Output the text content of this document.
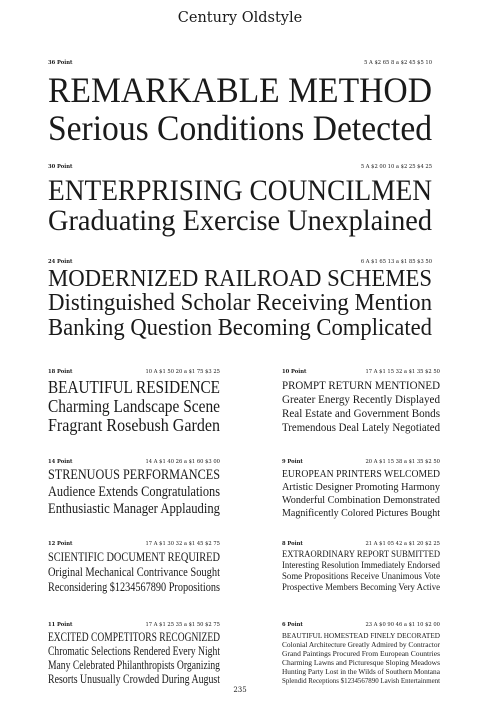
Century Oldstyle
36 Point	5 A $2 65 8 a $2 45 $5 10
REMARKABLE METHOD
Serious Conditions Detected
30 Point	5 A $2 00 10 a $2 25 $4 25
ENTERPRISING COUNCILMEN
Graduating Exercise Unexplained
24 Point	6 A $1 65 13 a $1 85 $3 50
MODERNIZED RAILROAD SCHEMES
Distinguished Scholar Receiving Mention
Banking Question Becoming Complicated
18 Point	10 A $1 50 20 a $1 75 $3 25
BEAUTIFUL RESIDENCE
Charming Landscape Scene
Fragrant Rosebush Garden
10 Point	17 A $1 15 32 a $1 35 $2 50
PROMPT RETURN MENTIONED
Greater Energy Recently Displayed
Real Estate and Government Bonds
Tremendous Deal Lately Negotiated
14 Point	14 A $1 40 26 a $1 60 $3 00
STRENUOUS PERFORMANCES
Audience Extends Congratulations
Enthusiastic Manager Applauding
9 Point	20 A $1 15 38 a $1 35 $2 50
EUROPEAN PRINTERS WELCOMED
Artistic Designer Promoting Harmony
Wonderful Combination Demonstrated
Magnificently Colored Pictures Bought
12 Point	17 A $1 30 32 a $1 45 $2 75
SCIENTIFIC DOCUMENT REQUIRED
Original Mechanical Contrivance Sought
Reconsidering $1234567890 Propositions
8 Point	21 A $1 05 42 a $1 20 $2 25
EXTRAORDINARY REPORT SUBMITTED
Interesting Resolution Immediately Endorsed
Some Propositions Receive Unanimous Vote
Prospective Members Becoming Very Active
11 Point	17 A $1 25 35 a $1 50 $2 75
EXCITED COMPETITORS RECOGNIZED
Chromatic Selections Rendered Every Night
Many Celebrated Philanthropists Organizing
Resorts Unusually Crowded During August
6 Point	23 A $0 90 46 a $1 10 $2 00
BEAUTIFUL HOMESTEAD FINELY DECORATED
Colonial Architecture Greatly Admired by Contractor
Grand Paintings Procured From European Countries
Charming Lawns and Picturesque Sloping Meadows
Hunting Party Lost in the Wilds of Southern Montana
Splendid Receptions $1234567890 Lavish Entertainment
235
